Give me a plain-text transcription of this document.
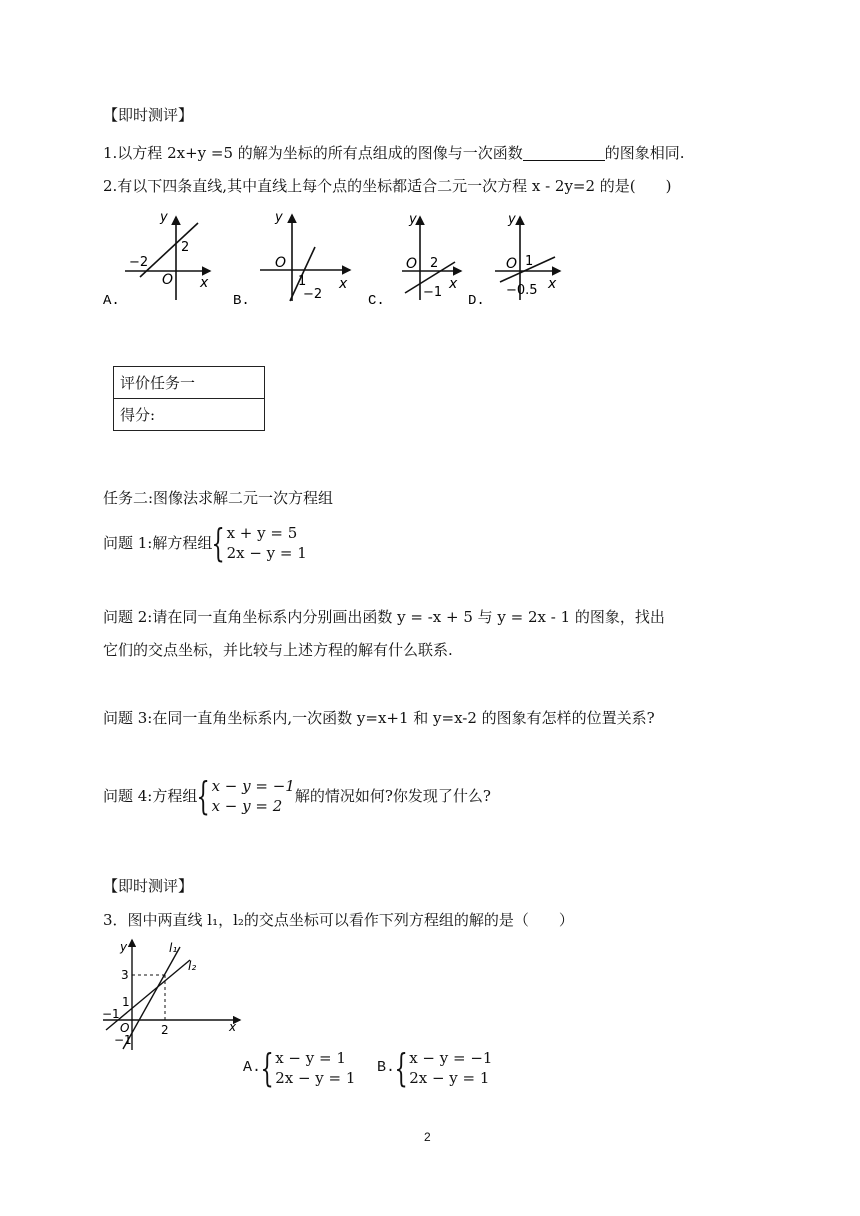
【即时测评】
1.以方程 2x+y =5 的解为坐标的所有点组成的图像与一次函数	的图象相同.
2.有以下四条直线,其中直线上每个点的坐标都适合二元一次方程 x - 2y=2 的是(　　)
y
x
O
−2
2
A.
y
x
O
1
−2
B.
y
x
O 2
−1
C.
y
x
O 1
−0.5
D.
评价任务一
得分:
任务二:图像法求解二元一次方程组
问题 1:解方程组 { x + y = 5
2x − y = 1
问题 2:请在同一直角坐标系内分别画出函数 y = -x + 5 与 y = 2x - 1 的图象，找出
它们的交点坐标，并比较与上述方程的解有什么联系.
问题 3:在同一直角坐标系内,一次函数 y=x+1 和 y=x-2 的图象有怎样的位置关系?
问题 4:方程组 { x − y = −1
x − y = 2
解的情况如何?你发现了什么?
【即时测评】
3．图中两直线 l₁，l₂的交点坐标可以看作下列方程组的解的是（　　）
y
x
O
l₁
l₂
3
1
−1
−1
2
A. { x − y = 1
2x − y = 1
B. { x − y = −1
2x − y = 1
2
